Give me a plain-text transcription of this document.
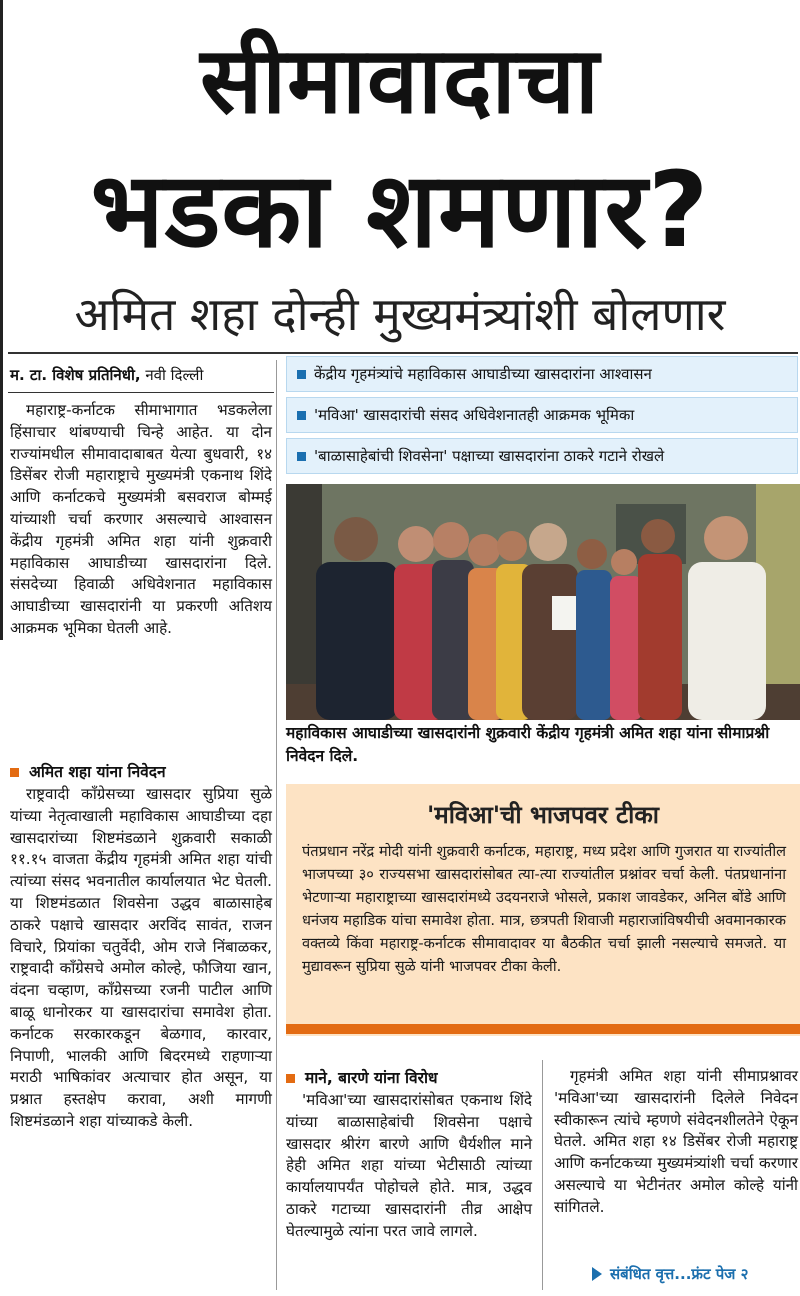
सीमावादाचा
भडका शमणार?
अमित शहा दोन्ही मुख्यमंत्र्यांशी बोलणार
म. टा. विशेष प्रतिनिधी, नवी दिल्ली	केंद्रीय गृहमंत्र्यांचे महाविकास आघाडीच्या खासदारांना आश्वासन
'मविआ' खासदारांची संसद अधिवेशनातही आक्रमक भूमिका
'बाळासाहेबांची शिवसेना' पक्षाच्या खासदारांना ठाकरे गटाने रोखले

महाराष्ट्र-कर्नाटक सीमाभागात भडकलेला हिंसाचार थांबण्याची चिन्हे आहेत. या दोन राज्यांमधील सीमावादाबाबत येत्या बुधवारी, १४ डिसेंबर रोजी महाराष्ट्राचे मुख्यमंत्री एकनाथ शिंदे आणि कर्नाटकचे मुख्यमंत्री बसवराज बोम्मई यांच्याशी चर्चा करणार असल्याचे आश्वासन केंद्रीय गृहमंत्री अमित शहा यांनी शुक्रवारी महाविकास आघाडीच्या खासदारांना दिले. संसदेच्या हिवाळी अधिवेशनात महाविकास आघाडीच्या खासदारांनी या प्रकरणी अतिशय आक्रमक भूमिका घेतली आहे.

अमित शहा यांना निवेदन

राष्ट्रवादी काँग्रेसच्या खासदार सुप्रिया सुळे यांच्या नेतृत्वाखाली महाविकास आघाडीच्या दहा खासदारांच्या शिष्टमंडळाने शुक्रवारी सकाळी ११.१५ वाजता केंद्रीय गृहमंत्री अमित शहा यांची त्यांच्या संसद भवनातील कार्यालयात भेट घेतली. या शिष्टमंडळात शिवसेना उद्धव बाळासाहेब ठाकरे पक्षाचे खासदार अरविंद सावंत, राजन विचारे, प्रियांका चतुर्वेदी, ओम राजे निंबाळकर, राष्ट्रवादी काँग्रेसचे अमोल कोल्हे, फौजिया खान, वंदना चव्हाण, काँग्रेसच्या रजनी पाटील आणि बाळू धानोरकर या खासदारांचा समावेश होता. कर्नाटक सरकारकडून बेळगाव, कारवार, निपाणी, भालकी आणि बिदरमध्ये राहणाऱ्या मराठी भाषिकांवर अत्याचार होत असून, या प्रश्नात हस्तक्षेप करावा, अशी मागणी शिष्टमंडळाने शहा यांच्याकडे केली.

महाविकास आघाडीच्या खासदारांनी शुक्रवारी केंद्रीय गृहमंत्री अमित शहा यांना सीमाप्रश्नी निवेदन दिले.
'मविआ'ची भाजपवर टीका
पंतप्रधान नरेंद्र मोदी यांनी शुक्रवारी कर्नाटक, महाराष्ट्र, मध्य प्रदेश आणि गुजरात या राज्यांतील भाजपच्या ३० राज्यसभा खासदारांसोबत त्या-त्या राज्यांतील प्रश्नांवर चर्चा केली. पंतप्रधानांना भेटणाऱ्या महाराष्ट्राच्या खासदारांमध्ये उदयनराजे भोसले, प्रकाश जावडेकर, अनिल बोंडे आणि धनंजय महाडिक यांचा समावेश होता. मात्र, छत्रपती शिवाजी महाराजांविषयीची अवमानकारक वक्तव्ये किंवा महाराष्ट्र-कर्नाटक सीमावादावर या बैठकीत चर्चा झाली नसल्याचे समजते. या मुद्यावरून सुप्रिया सुळे यांनी भाजपवर टीका केली.
माने, बारणे यांना विरोध

'मविआ'च्या खासदारांसोबत एकनाथ शिंदे यांच्या बाळासाहेबांची शिवसेना पक्षाचे खासदार श्रीरंग बारणे आणि धैर्यशील माने हेही अमित शहा यांच्या भेटीसाठी त्यांच्या कार्यालयापर्यंत पोहोचले होते. मात्र, उद्धव ठाकरे गटाच्या खासदारांनी तीव्र आक्षेप घेतल्यामुळे त्यांना परत जावे लागले.

गृहमंत्री अमित शहा यांनी सीमाप्रश्नावर 'मविआ'च्या खासदारांनी दिलेले निवेदन स्वीकारून त्यांचे म्हणणे संवेदनशीलतेने ऐकून घेतले. अमित शहा १४ डिसेंबर रोजी महाराष्ट्र आणि कर्नाटकच्या मुख्यमंत्र्यांशी चर्चा करणार असल्याचे या भेटीनंतर अमोल कोल्हे यांनी सांगितले.

संबंधित वृत्त...फ्रंट पेज २
